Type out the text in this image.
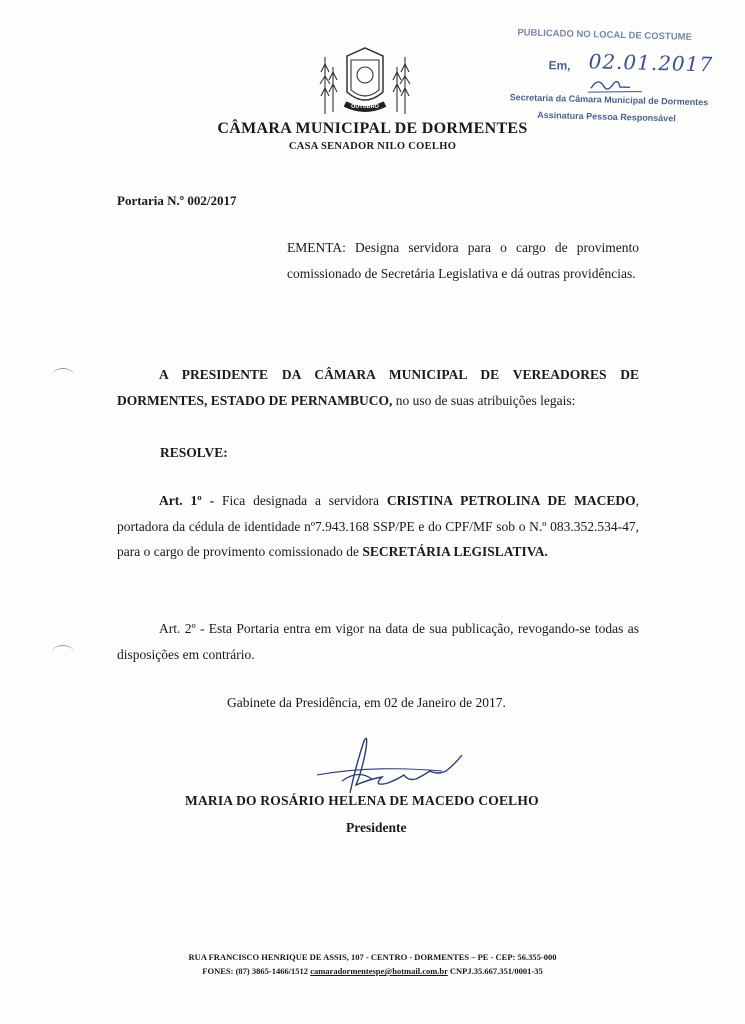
OUTUBRO
CÂMARA MUNICIPAL DE DORMENTES
CASA SENADOR NILO COELHO
PUBLICADO NO LOCAL DE COSTUME
Em, 02.01.2017
Secretaria da Câmara Municipal de Dormentes
Assinatura Pessoa Responsável
Portaria N.º 002/2017
EMENTA: Designa servidora para o cargo de provimento comissionado de Secretária Legislativa e dá outras providências.
A PRESIDENTE DA CÂMARA MUNICIPAL DE VEREADORES DE DORMENTES, ESTADO DE PERNAMBUCO, no uso de suas atribuições legais:
RESOLVE:
Art. 1º - Fica designada a servidora CRISTINA PETROLINA DE MACEDO, portadora da cédula de identidade nº7.943.168 SSP/PE e do CPF/MF sob o N.º 083.352.534-47, para o cargo de provimento comissionado de SECRETÁRIA LEGISLATIVA.
Art. 2º - Esta Portaria entra em vigor na data de sua publicação, revogando-se todas as disposições em contrário.
Gabinete da Presidência, em 02 de Janeiro de 2017.
MARIA DO ROSÁRIO HELENA DE MACEDO COELHO
Presidente
RUA FRANCISCO HENRIQUE DE ASSIS, 107 - CENTRO - DORMENTES – PE - CEP: 56.355-000
FONES: (87) 3865-1466/1512 camaradormentespe@hotmail.com.br CNPJ.35.667.351/0001-35
